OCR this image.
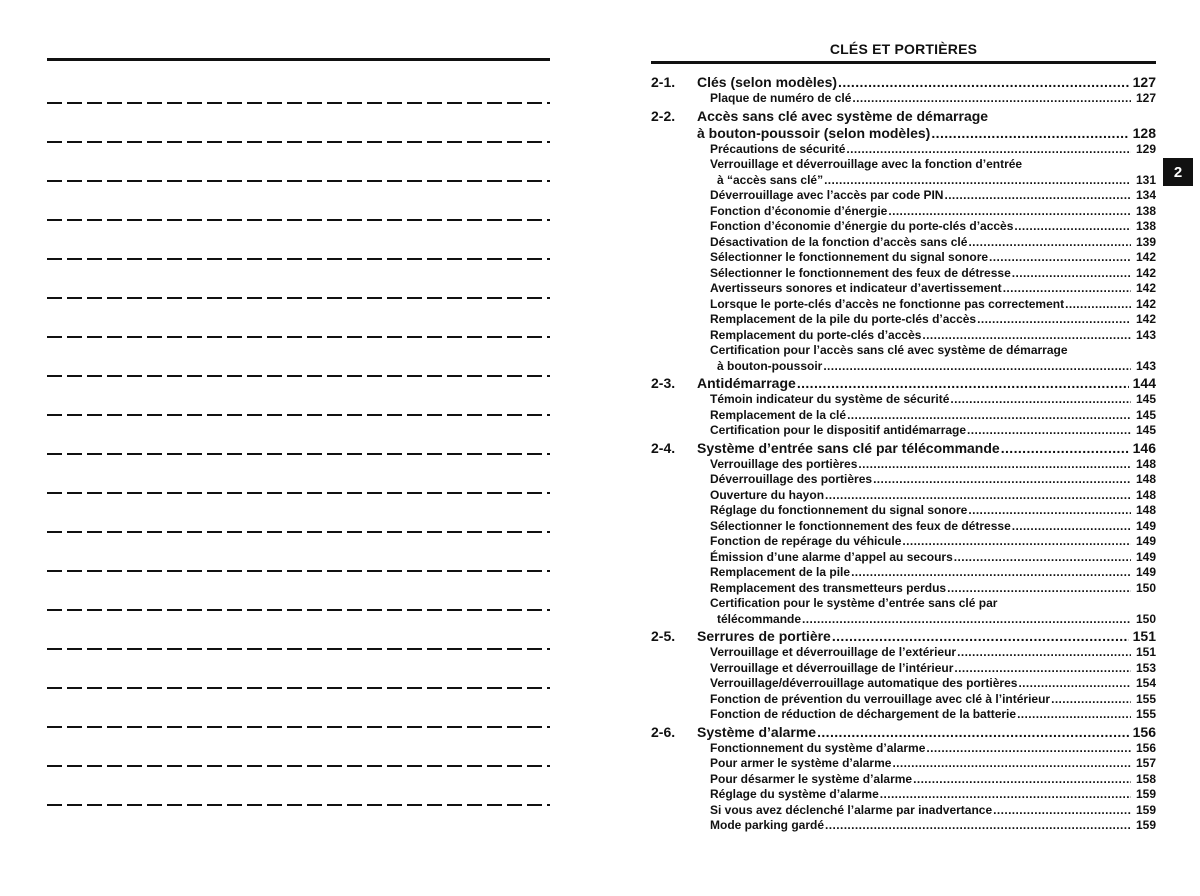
CLÉS ET PORTIÈRES
2-1.	Clés (selon modèles) .....	127
Plaque de numéro de clé .....	127
2-2.	Accès sans clé avec système de démarrage
à bouton-poussoir (selon modèles) .....	128
Précautions de sécurité .....	129
Verrouillage et déverrouillage avec la fonction d’entrée
à “accès sans clé” .....	131
Déverrouillage avec l’accès par code PIN .....	134
Fonction d’économie d’énergie .....	138
Fonction d’économie d’énergie du porte-clés d’accès .....	138
Désactivation de la fonction d’accès sans clé .....	139
Sélectionner le fonctionnement du signal sonore .....	142
Sélectionner le fonctionnement des feux de détresse .....	142
Avertisseurs sonores et indicateur d’avertissement .....	142
Lorsque le porte-clés d’accès ne fonctionne pas correctement .....	142
Remplacement de la pile du porte-clés d’accès .....	142
Remplacement du porte-clés d’accès .....	143
Certification pour l’accès sans clé avec système de démarrage
à bouton-poussoir .....	143
2-3.	Antidémarrage .....	144
Témoin indicateur du système de sécurité .....	145
Remplacement de la clé .....	145
Certification pour le dispositif antidémarrage .....	145
2-4.	Système d’entrée sans clé par télécommande .....	146
Verrouillage des portières .....	148
Déverrouillage des portières .....	148
Ouverture du hayon .....	148
Réglage du fonctionnement du signal sonore .....	148
Sélectionner le fonctionnement des feux de détresse .....	149
Fonction de repérage du véhicule .....	149
Émission d’une alarme d’appel au secours .....	149
Remplacement de la pile .....	149
Remplacement des transmetteurs perdus .....	150
Certification pour le système d’entrée sans clé par
télécommande .....	150
2-5.	Serrures de portière .....	151
Verrouillage et déverrouillage de l’extérieur .....	151
Verrouillage et déverrouillage de l’intérieur .....	153
Verrouillage/déverrouillage automatique des portières .....	154
Fonction de prévention du verrouillage avec clé à l’intérieur .....	155
Fonction de réduction de déchargement de la batterie .....	155
2-6.	Système d’alarme .....	156
Fonctionnement du système d’alarme .....	156
Pour armer le système d’alarme .....	157
Pour désarmer le système d’alarme .....	158
Réglage du système d’alarme .....	159
Si vous avez déclenché l’alarme par inadvertance .....	159
Mode parking gardé .....	159
2
